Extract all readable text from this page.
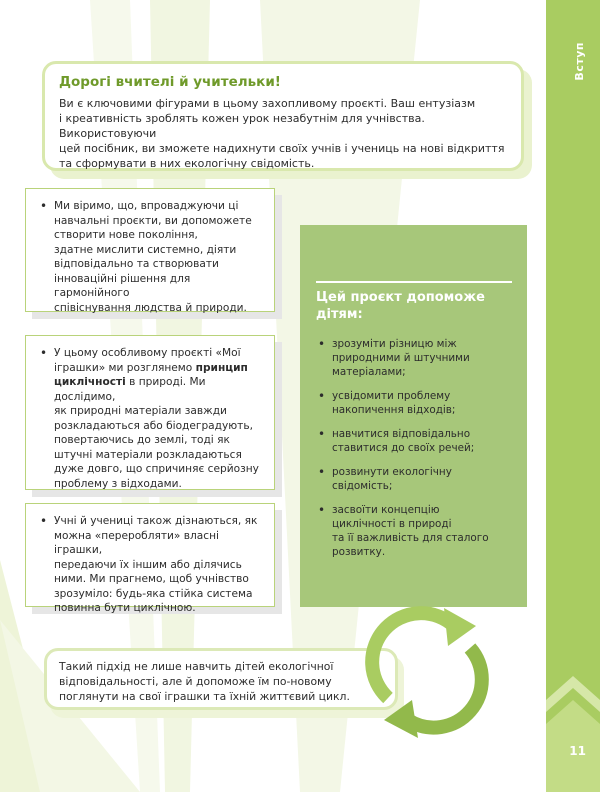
Вступ
11
Дорогі вчителі й учительки!
Ви є ключовими фігурами в цьому захопливому проєкті. Ваш ентузіазм
і креативність зроблять кожен урок незабутнім для учнівства. Використовуючи
цей посібник, ви зможете надихнути своїх учнів і учениць на нові відкриття
та сформувати в них екологічну свідомість.
• Ми віримо, що, впроваджуючи ці
навчальні проєкти, ви допоможете
створити нове покоління,
здатне мислити системно, діяти
відповідально та створювати
інноваційні рішення для гармонійного
співіснування людства й природи.
• У цьому особливому проєкті «Мої
іграшки» ми розглянемо принцип
циклічності в природі. Ми дослідимо,
як природні матеріали завжди
розкладаються або біодеградують,
повертаючись до землі, тоді як
штучні матеріали розкладаються
дуже довго, що спричиняє серйозну
проблему з відходами.
• Учні й учениці також дізнаються, як
можна «переробляти» власні іграшки,
передаючи їх іншим або ділячись
ними. Ми прагнемо, щоб учнівство
зрозуміло: будь-яка стійка система
повинна бути циклічною.
Цей проєкт допоможе
дітям:
• зрозуміти різницю між
природними й штучними
матеріалами;
• усвідомити проблему
накопичення відходів;
• навчитися відповідально
ставитися до своїх речей;
• розвинути екологічну
свідомість;
• засвоїти концепцію
циклічності в природі
та її важливість для сталого
розвитку.
Такий підхід не лише навчить дітей екологічної
відповідальності, але й допоможе їм по-новому
поглянути на свої іграшки та їхній життєвий цикл.
